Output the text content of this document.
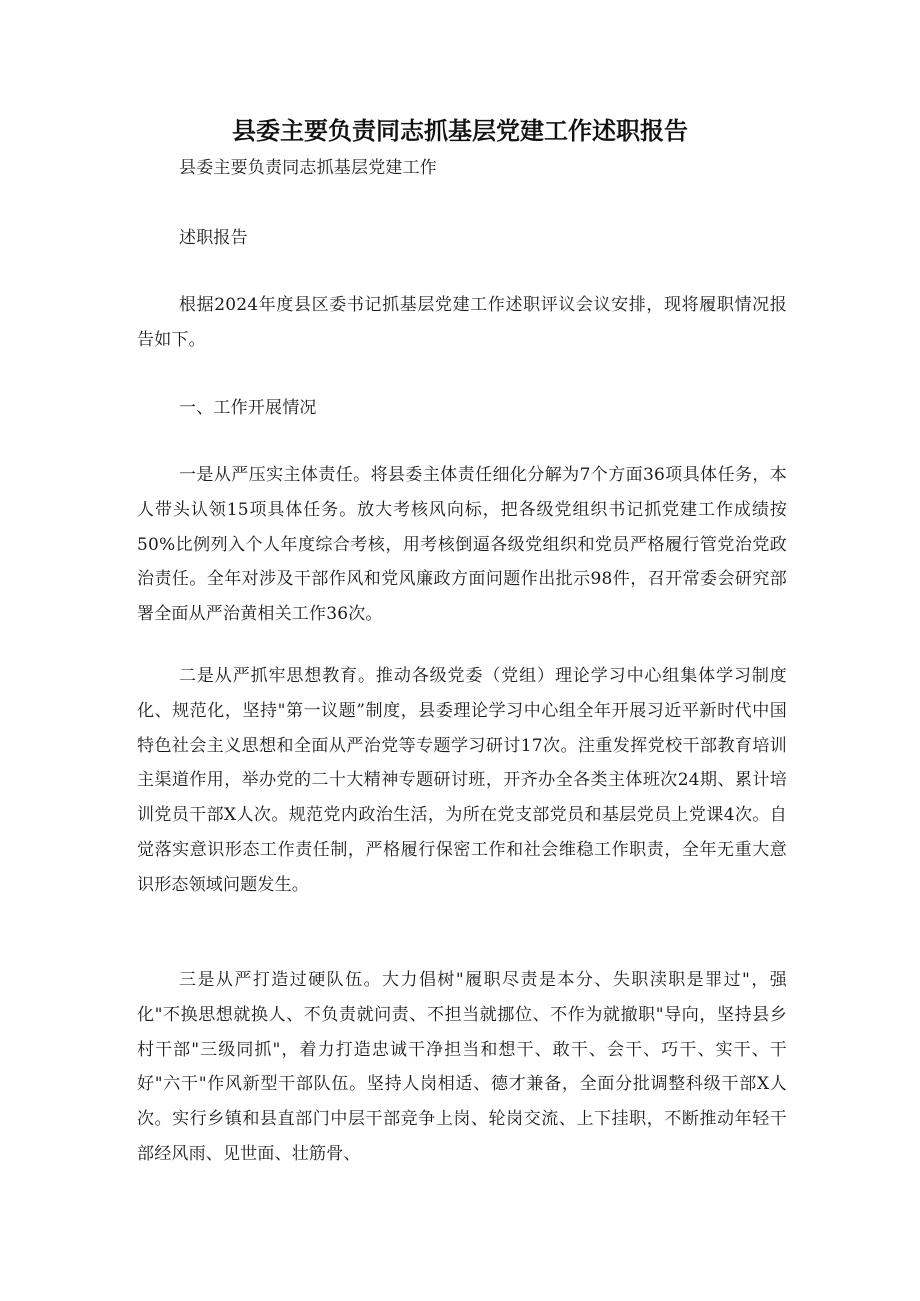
县委主要负责同志抓基层党建工作述职报告
县委主要负责同志抓基层党建工作
述职报告

根据2024年度县区委书记抓基层党建工作述职评议会议安排，现将履职情况报告如下。

一、工作开展情况

一是从严压实主体责任。将县委主体责任细化分解为7个方面36项具体任务，本人带头认领15项具体任务。放大考核风向标，把各级党组织书记抓党建工作成绩按50%比例列入个人年度综合考核，用考核倒逼各级党组织和党员严格履行管党治党政治责任。全年对涉及干部作风和党风廉政方面问题作出批示98件，召开常委会研究部署全面从严治黄相关工作36次。

二是从严抓牢思想教育。推动各级党委（党组）理论学习中心组集体学习制度化、规范化，坚持"第一议题”制度，县委理论学习中心组全年开展习近平新时代中国特色社会主义思想和全面从严治党等专题学习研讨17次。注重发挥党校干部教育培训主渠道作用，举办党的二十大精神专题研讨班，开齐办全各类主体班次24期、累计培训党员干部X人次。规范党内政治生活，为所在党支部党员和基层党员上党课4次。自觉落实意识形态工作责任制，严格履行保密工作和社会维稳工作职责，全年无重大意识形态领域问题发生。

三是从严打造过硬队伍。大力倡树"履职尽责是本分、失职渎职是罪过"，强化"不换思想就换人、不负责就问责、不担当就挪位、不作为就撤职"导向，坚持县乡村干部"三级同抓"，着力打造忠诚干净担当和想干、敢干、会干、巧干、实干、干好"六干"作风新型干部队伍。坚持人岗相适、德才兼备，全面分批调整科级干部X人次。实行乡镇和县直部门中层干部竞争上岗、轮岗交流、上下挂职，不断推动年轻干部经风雨、见世面、壮筋骨、
